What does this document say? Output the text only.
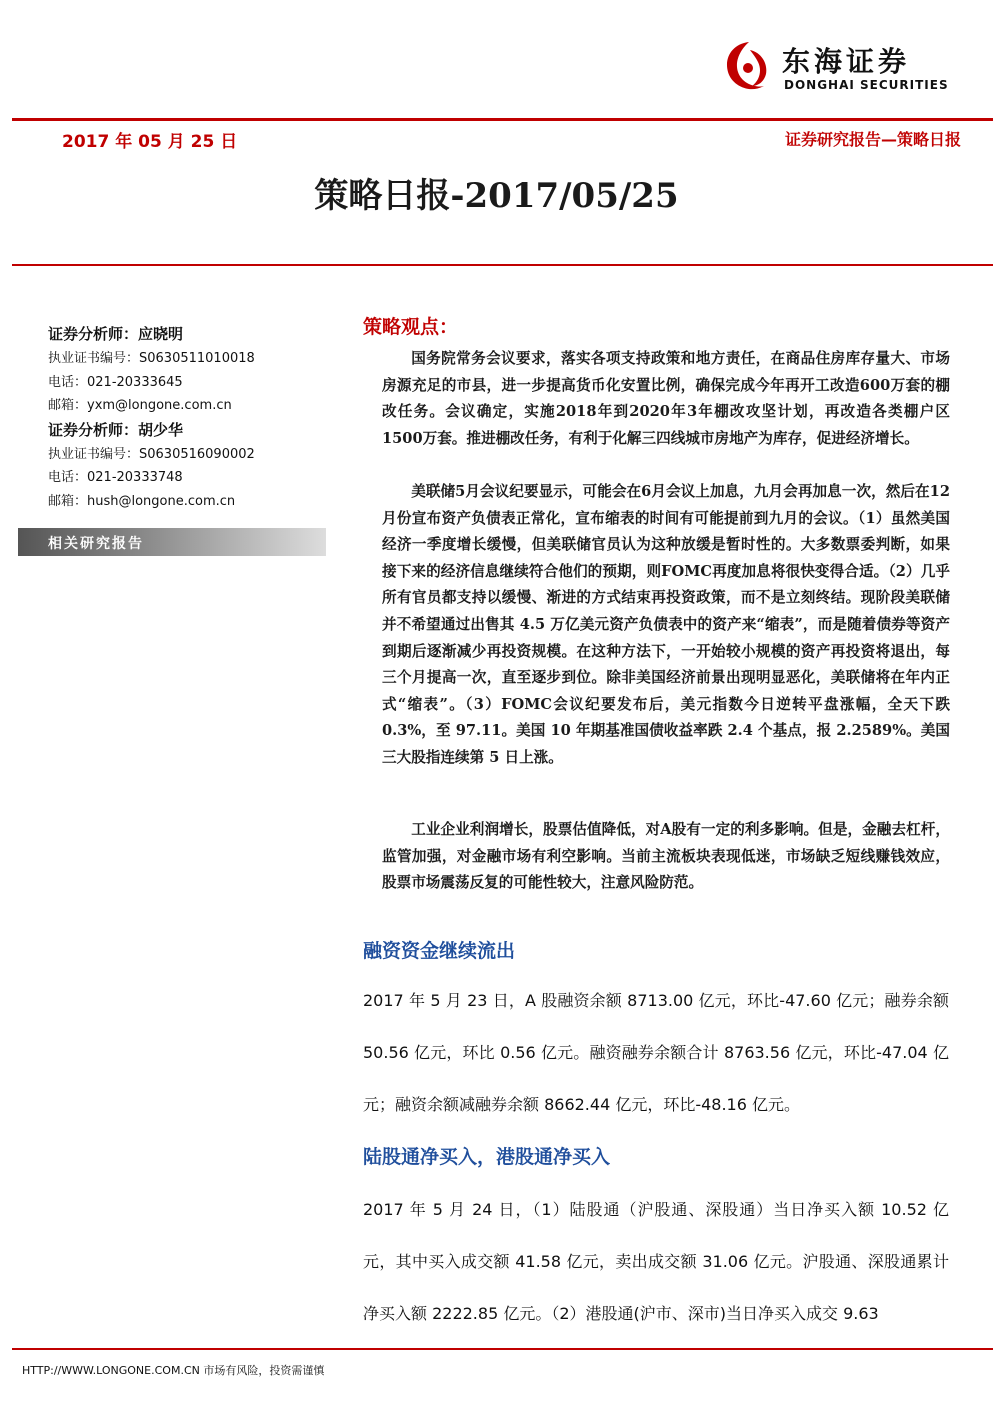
东海证券
DONGHAI SECURITIES
2017 年 05 月 25 日	证券研究报告—策略日报
策略日报-2017/05/25
证券分析师：应晓明
执业证书编号：S0630511010018
电话：021-20333645
邮箱：yxm@longone.com.cn
证券分析师：胡少华
执业证书编号：S0630516090002
电话：021-20333748
邮箱：hush@longone.com.cn
相关研究报告
策略观点：
国务院常务会议要求，落实各项支持政策和地方责任，在商品住房库存量大、市场房源充足的市县，进一步提高货币化安置比例，确保完成今年再开工改造600万套的棚改任务。会议确定，实施2018年到2020年3年棚改攻坚计划，再改造各类棚户区1500万套。推进棚改任务，有利于化解三四线城市房地产为库存，促进经济增长。
美联储5月会议纪要显示，可能会在6月会议上加息，九月会再加息一次，然后在12月份宣布资产负债表正常化，宣布缩表的时间有可能提前到九月的会议。（1）虽然美国经济一季度增长缓慢，但美联储官员认为这种放缓是暂时性的。大多数票委判断，如果接下来的经济信息继续符合他们的预期，则FOMC再度加息将很快变得合适。（2）几乎所有官员都支持以缓慢、渐进的方式结束再投资政策，而不是立刻终结。现阶段美联储并不希望通过出售其 4.5 万亿美元资产负债表中的资产来“缩表”，而是随着债券等资产到期后逐渐减少再投资规模。在这种方法下，一开始较小规模的资产再投资将退出，每三个月提高一次，直至逐步到位。除非美国经济前景出现明显恶化，美联储将在年内正式“缩表”。（3）FOMC会议纪要发布后，美元指数今日逆转平盘涨幅，全天下跌 0.3%，至 97.11。美国 10 年期基准国债收益率跌 2.4 个基点，报 2.2589%。美国三大股指连续第 5 日上涨。
工业企业利润增长，股票估值降低，对A股有一定的利多影响。但是，金融去杠杆，监管加强，对金融市场有利空影响。当前主流板块表现低迷，市场缺乏短线赚钱效应，股票市场震荡反复的可能性较大，注意风险防范。
融资资金继续流出
2017 年 5 月 23 日，A 股融资余额 8713.00 亿元，环比-47.60 亿元；融券余额 50.56 亿元，环比 0.56 亿元。融资融券余额合计 8763.56 亿元，环比-47.04 亿元；融资余额减融券余额 8662.44 亿元，环比-48.16 亿元。
陆股通净买入，港股通净买入
2017 年 5 月 24 日，（1）陆股通（沪股通、深股通）当日净买入额 10.52 亿元，其中买入成交额 41.58 亿元，卖出成交额 31.06 亿元。沪股通、深股通累计净买入额 2222.85 亿元。（2）港股通(沪市、深市)当日净买入成交 9.63
HTTP://WWW.LONGONE.COM.CN 市场有风险，投资需谨慎
